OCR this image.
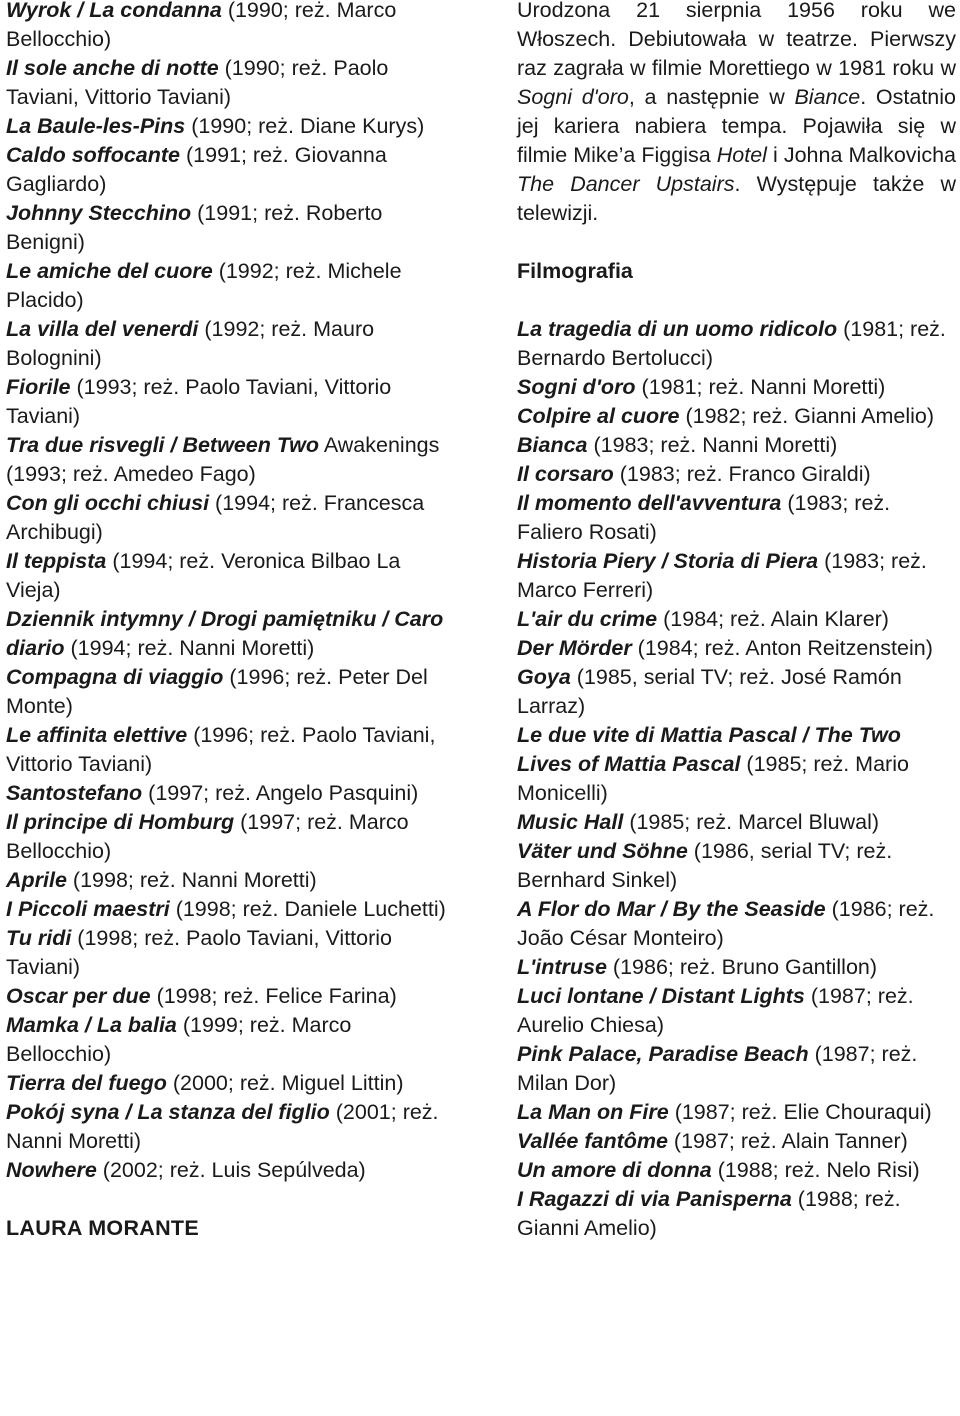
Wyrok / La condanna (1990; reż. Marco Bellocchio)
Il sole anche di notte (1990; reż. Paolo Taviani, Vittorio Taviani)
La Baule-les-Pins (1990; reż. Diane Kurys)
Caldo soffocante (1991; reż. Giovanna Gagliardo)
Johnny Stecchino (1991; reż. Roberto Benigni)
Le amiche del cuore (1992; reż. Michele Placido)
La villa del venerdi (1992; reż. Mauro Bolognini)
Fiorile (1993; reż. Paolo Taviani, Vittorio Taviani)
Tra due risvegli / Between Two Awakenings (1993; reż. Amedeo Fago)
Con gli occhi chiusi (1994; reż. Francesca Archibugi)
Il teppista (1994; reż. Veronica Bilbao La Vieja)
Dziennik intymny / Drogi pamiętniku / Caro diario (1994; reż. Nanni Moretti)
Compagna di viaggio (1996; reż. Peter Del Monte)
Le affinita elettive (1996; reż. Paolo Taviani, Vittorio Taviani)
Santostefano (1997; reż. Angelo Pasquini)
Il principe di Homburg (1997; reż. Marco Bellocchio)
Aprile (1998; reż. Nanni Moretti)
I Piccoli maestri (1998; reż. Daniele Luchetti)
Tu ridi (1998; reż. Paolo Taviani, Vittorio Taviani)
Oscar per due (1998; reż. Felice Farina)
Mamka / La balia (1999; reż. Marco Bellocchio)
Tierra del fuego (2000; reż. Miguel Littin)
Pokój syna / La stanza del figlio (2001; reż. Nanni Moretti)
Nowhere (2002; reż. Luis Sepúlveda)
LAURA MORANTE

Urodzona 21 sierpnia 1956 roku we Włoszech. Debiutowała w teatrze. Pierwszy raz zagrała w filmie Morettiego w 1981 roku w Sogni d'oro, a następnie w Biance. Ostatnio jej kariera nabiera tempa. Pojawiła się w filmie Mike’a Figgisa Hotel i Johna Malkovicha The Dancer Upstairs. Występuje także w telewizji.

Filmografia
La tragedia di un uomo ridicolo (1981; reż. Bernardo Bertolucci)
Sogni d'oro (1981; reż. Nanni Moretti)
Colpire al cuore (1982; reż. Gianni Amelio)
Bianca (1983; reż. Nanni Moretti)
Il corsaro (1983; reż. Franco Giraldi)
Il momento dell'avventura (1983; reż. Faliero Rosati)
Historia Piery / Storia di Piera (1983; reż. Marco Ferreri)
L'air du crime (1984; reż. Alain Klarer)
Der Mörder (1984; reż. Anton Reitzenstein)
Goya (1985, serial TV; reż. José Ramón Larraz)
Le due vite di Mattia Pascal / The Two Lives of Mattia Pascal (1985; reż. Mario Monicelli)
Music Hall (1985; reż. Marcel Bluwal)
Väter und Söhne (1986, serial TV; reż. Bernhard Sinkel)
A Flor do Mar / By the Seaside (1986; reż. João César Monteiro)
L'intruse (1986; reż. Bruno Gantillon)
Luci lontane / Distant Lights (1987; reż. Aurelio Chiesa)
Pink Palace, Paradise Beach (1987; reż. Milan Dor)
La Man on Fire (1987; reż. Elie Chouraqui)
Vallée fantôme (1987; reż. Alain Tanner)
Un amore di donna (1988; reż. Nelo Risi)
I Ragazzi di via Panisperna (1988; reż. Gianni Amelio)
